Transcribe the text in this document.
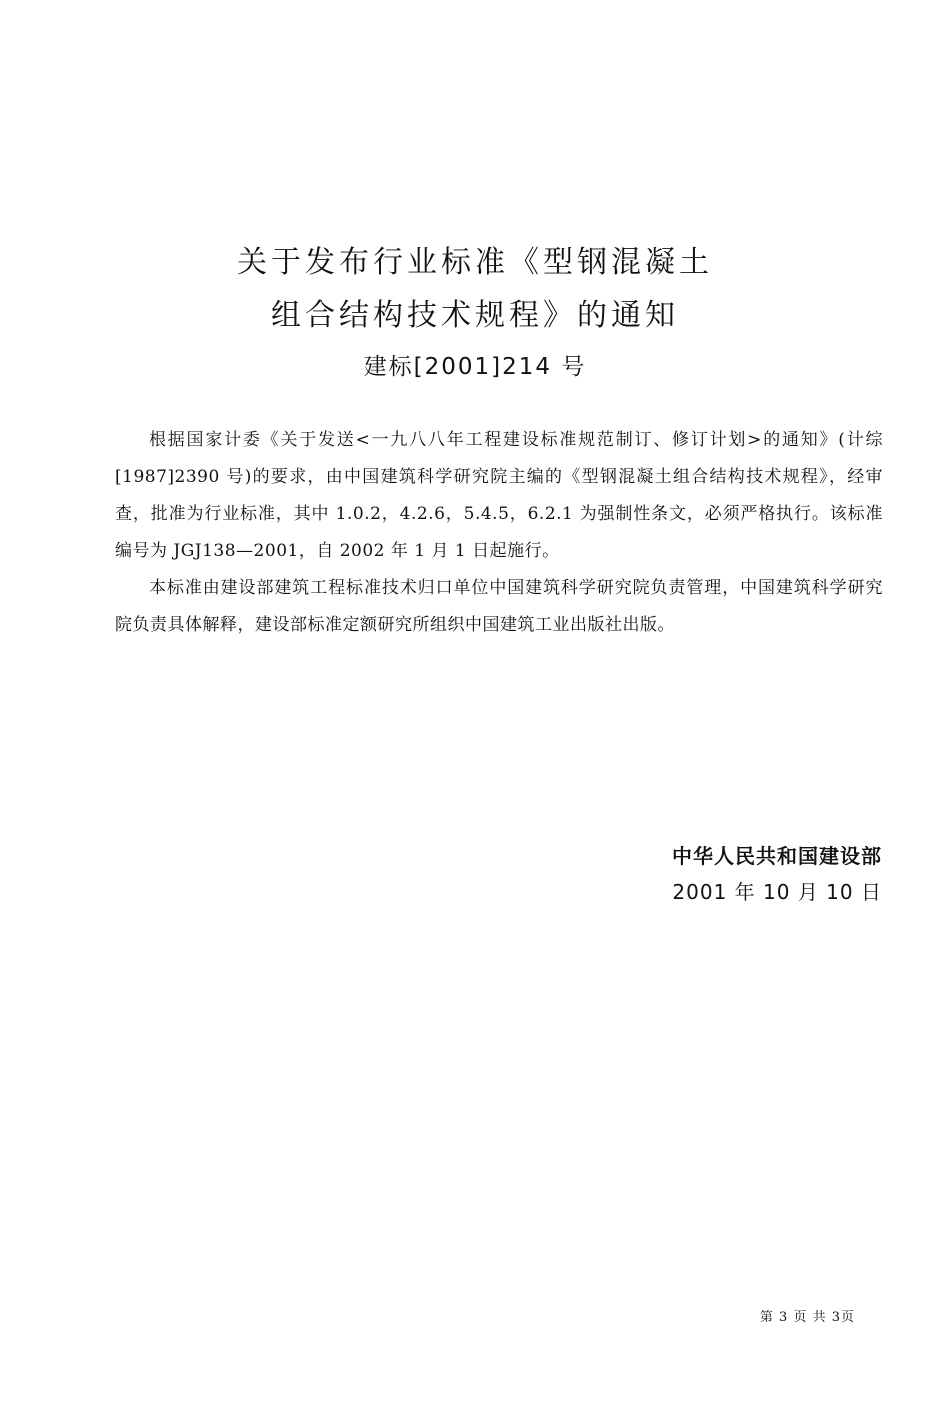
关于发布行业标准《型钢混凝土
组合结构技术规程》的通知
建标[2001]214 号

根据国家计委《关于发送<一九八八年工程建设标准规范制订、修订计划>的通知》(计综[1987]2390 号)的要求，由中国建筑科学研究院主编的《型钢混凝土组合结构技术规程》，经审查，批准为行业标准，其中 1.0.2，4.2.6，5.4.5，6.2.1 为强制性条文，必须严格执行。该标准编号为 JGJ138—2001，自 2002 年 1 月 1 日起施行。

本标准由建设部建筑工程标准技术归口单位中国建筑科学研究院负责管理，中国建筑科学研究院负责具体解释，建设部标准定额研究所组织中国建筑工业出版社出版。

中华人民共和国建设部
2001 年 10 月 10 日
第 3 页 共 3页
